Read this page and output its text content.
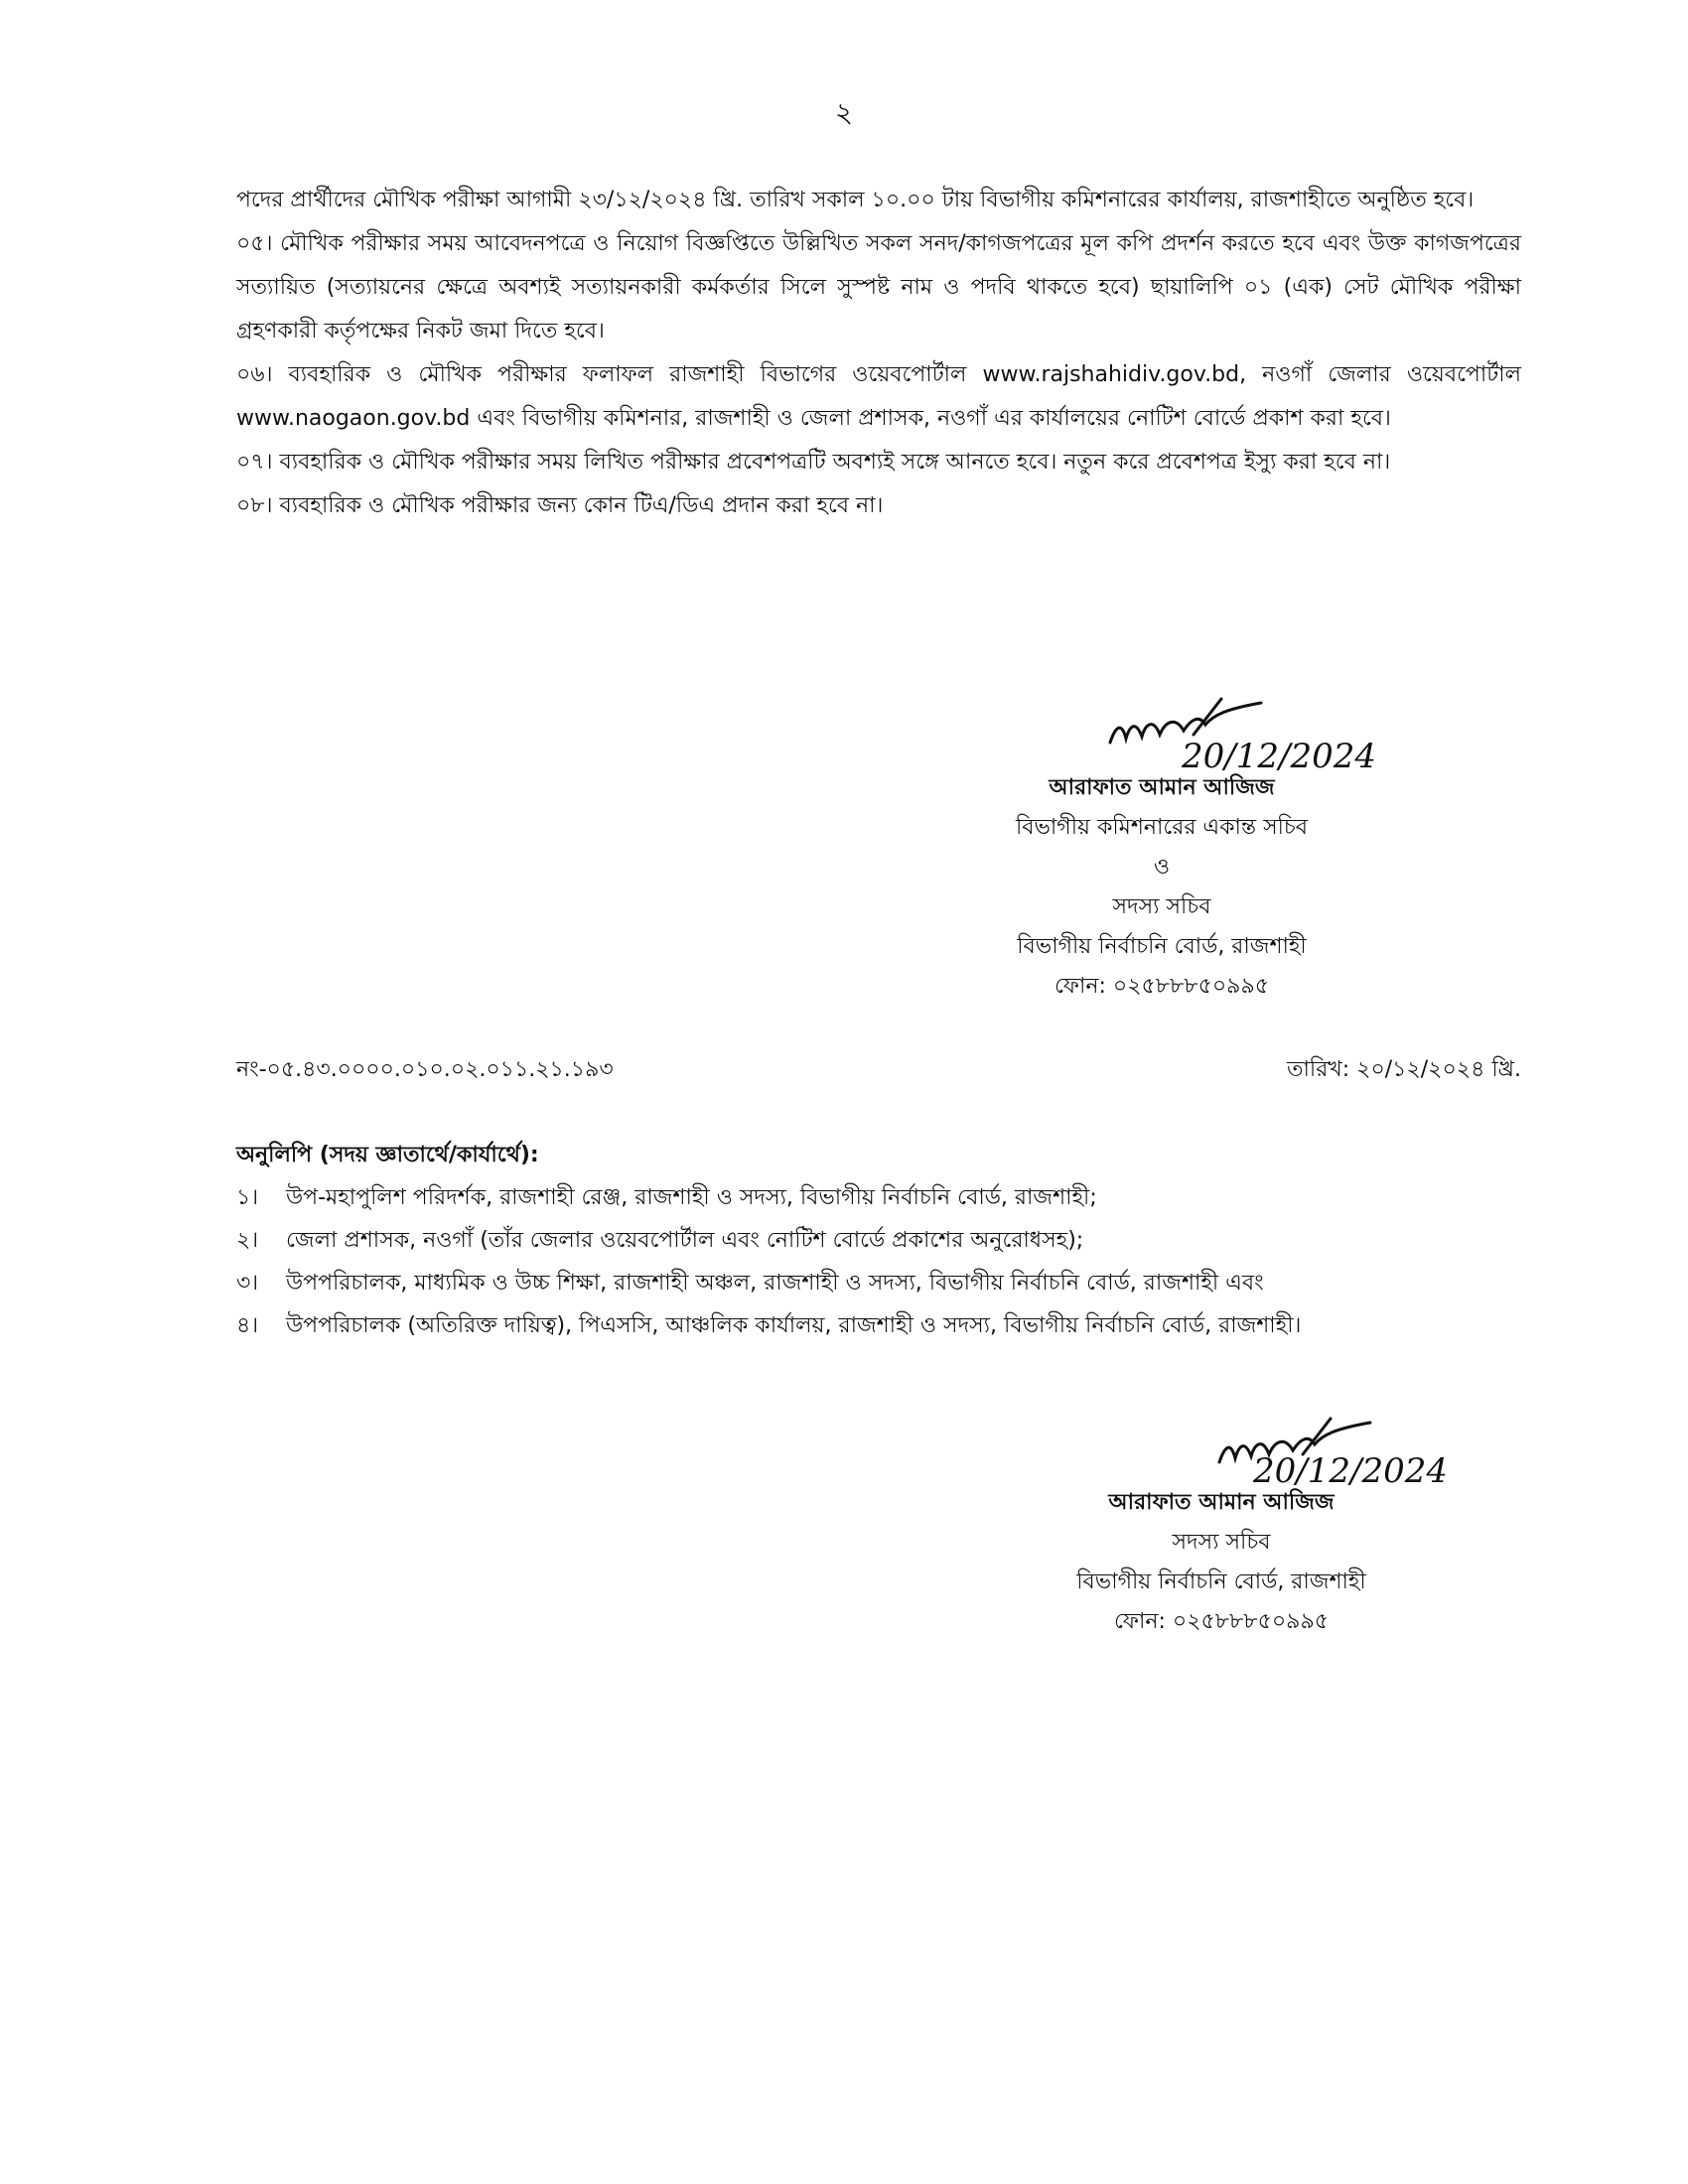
২

পদের প্রার্থীদের মৌখিক পরীক্ষা আগামী ২৩/১২/২০২৪ খ্রি. তারিখ সকাল ১০.০০ টায় বিভাগীয় কমিশনারের কার্যালয়, রাজশাহীতে অনুষ্ঠিত হবে।

০৫। মৌখিক পরীক্ষার সময় আবেদনপত্রে ও নিয়োগ বিজ্ঞপ্তিতে উল্লিখিত সকল সনদ/কাগজপত্রের মূল কপি প্রদর্শন করতে হবে এবং উক্ত কাগজপত্রের সত্যায়িত (সত্যায়নের ক্ষেত্রে অবশ্যই সত্যায়নকারী কর্মকর্তার সিলে সুস্পষ্ট নাম ও পদবি থাকতে হবে) ছায়ালিপি ০১ (এক) সেট মৌখিক পরীক্ষা গ্রহণকারী কর্তৃপক্ষের নিকট জমা দিতে হবে।

০৬। ব্যবহারিক ও মৌখিক পরীক্ষার ফলাফল রাজশাহী বিভাগের ওয়েবপোর্টাল www.rajshahidiv.gov.bd, নওগাঁ জেলার ওয়েবপোর্টাল www.naogaon.gov.bd এবং বিভাগীয় কমিশনার, রাজশাহী ও জেলা প্রশাসক, নওগাঁ এর কার্যালয়ের নোটিশ বোর্ডে প্রকাশ করা হবে।

০৭। ব্যবহারিক ও মৌখিক পরীক্ষার সময় লিখিত পরীক্ষার প্রবেশপত্রটি অবশ্যই সঙ্গে আনতে হবে। নতুন করে প্রবেশপত্র ইস্যু করা হবে না।

০৮। ব্যবহারিক ও মৌখিক পরীক্ষার জন্য কোন টিএ/ডিএ প্রদান করা হবে না।

20/12/2024
আরাফাত আমান আজিজ
বিভাগীয় কমিশনারের একান্ত সচিব
ও
সদস্য সচিব
বিভাগীয় নির্বাচনি বোর্ড, রাজশাহী
ফোন: ০২৫৮৮৮৫০৯৯৫
নং-০৫.৪৩.০০০০.০১০.০২.০১১.২১.১৯৩	তারিখ: ২০/১২/২০২৪ খ্রি.
অনুলিপি (সদয় জ্ঞাতার্থে/কার্যার্থে):
১। উপ-মহাপুলিশ পরিদর্শক, রাজশাহী রেঞ্জ, রাজশাহী ও সদস্য, বিভাগীয় নির্বাচনি বোর্ড, রাজশাহী;
২। জেলা প্রশাসক, নওগাঁ (তাঁর জেলার ওয়েবপোর্টাল এবং নোটিশ বোর্ডে প্রকাশের অনুরোধসহ);
৩। উপপরিচালক, মাধ্যমিক ও উচ্চ শিক্ষা, রাজশাহী অঞ্চল, রাজশাহী ও সদস্য, বিভাগীয় নির্বাচনি বোর্ড, রাজশাহী এবং
৪। উপপরিচালক (অতিরিক্ত দায়িত্ব), পিএসসি, আঞ্চলিক কার্যালয়, রাজশাহী ও সদস্য, বিভাগীয় নির্বাচনি বোর্ড, রাজশাহী।
20/12/2024
আরাফাত আমান আজিজ
সদস্য সচিব
বিভাগীয় নির্বাচনি বোর্ড, রাজশাহী
ফোন: ০২৫৮৮৮৫০৯৯৫
